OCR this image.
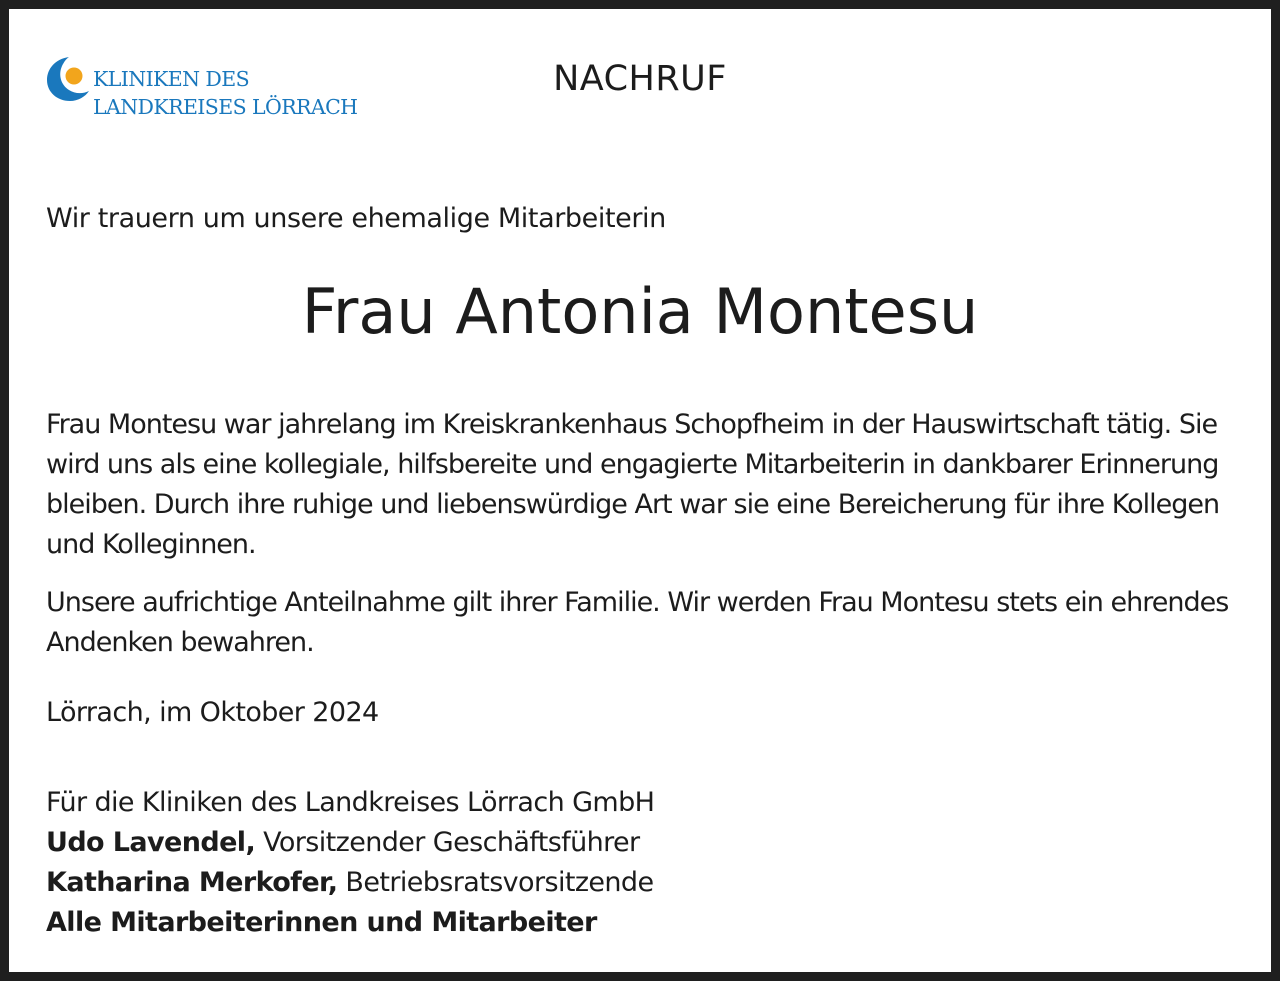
KLINIKEN DES
LANDKREISES LÖRRACH
NACHRUF
Wir trauern um unsere ehemalige Mitarbeiterin
Frau Antonia Montesu

Frau Montesu war jahrelang im Kreiskrankenhaus Schopfheim in der Hauswirtschaft tätig. Sie wird uns als eine kollegiale, hilfsbereite und engagierte Mitarbeiterin in dankbarer Erinnerung bleiben. Durch ihre ruhige und liebenswürdige Art war sie eine Bereicherung für ihre Kollegen und Kolleginnen.

Unsere aufrichtige Anteilnahme gilt ihrer Familie. Wir werden Frau Montesu stets ein ehrendes Andenken bewahren.

Lörrach, im Oktober 2024
Für die Kliniken des Landkreises Lörrach GmbH
Udo Lavendel, Vorsitzender Geschäftsführer
Katharina Merkofer, Betriebsratsvorsitzende
Alle Mitarbeiterinnen und Mitarbeiter
